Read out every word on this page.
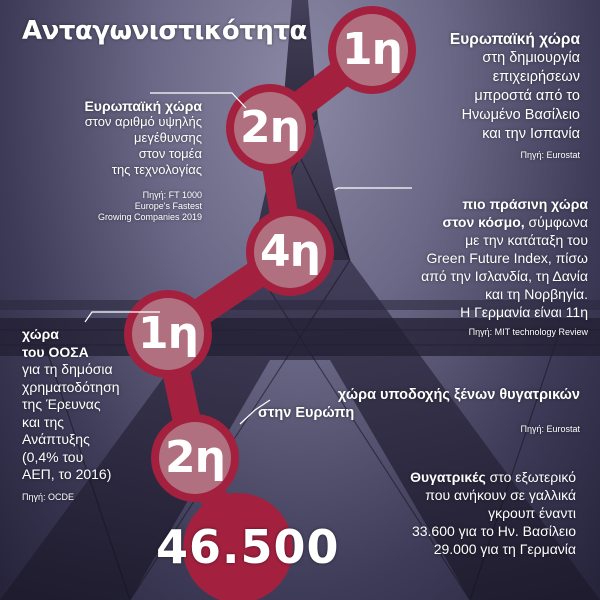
1η
2η
4η
1η
2η
Ανταγωνιστικότητα	Ευρωπαϊκή χώρα
στη δημιουργία
επιχειρήσεων
μπροστά από το
Ηνωμένο Βασίλειο
και την Ισπανία
Πηγή: Eurostat
Ευρωπαϊκή χώρα
στον αριθμό υψηλής
μεγέθυνσης
στον τομέα
της τεχνολογίας
Πηγή: FT 1000
Europe's Fastest
Growing Companies 2019
πιο πράσινη χώρα
στον κόσμο, σύμφωνα
με την κατάταξη του
Green Future Index, πίσω
από την Ισλανδία, τη Δανία
και τη Νορβηγία.
Η Γερμανία είναι 11η
Πηγή: MIT technology Review
χώρα
του ΟΟΣΑ
για τη δημόσια
χρηματοδότηση
της Έρευνας
και της
Ανάπτυξης
(0,4% του
ΑΕΠ, το 2016)
Πηγή: OCDE
χώρα υποδοχής ξένων θυγατρικών
στην Ευρώπη
Πηγή: Eurostat
Θυγατρικές στο εξωτερικό
που ανήκουν σε γαλλικά
γκρουπ έναντι
33.600 για το Ην. Βασίλειο
29.000 για τη Γερμανία
46.500
